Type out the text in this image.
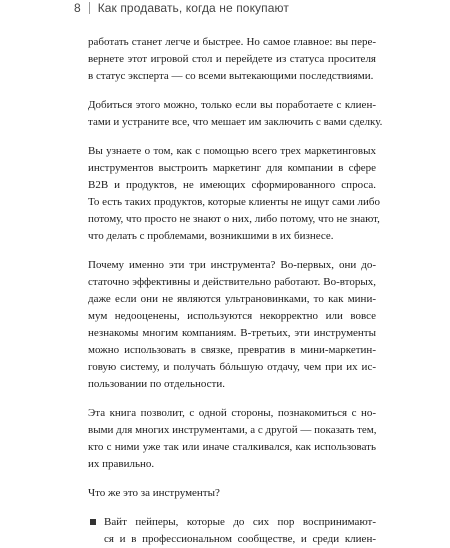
8 Как продавать, когда не покупают
работать станет легче и быстрее. Но самое главное: вы пере-
вернете этот игровой стол и перейдете из статуса просителя
в статус эксперта — со всеми вытекающими последствиями.
Добиться этого можно, только если вы поработаете с клиен-
тами и устраните все, что мешает им заключить с вами сделку.
Вы узнаете о том, как с помощью всего трех маркетинговых
инструментов выстроить маркетинг для компании в сфере
B2B и продуктов, не имеющих сформированного спроса.
То есть таких продуктов, которые клиенты не ищут сами либо
потому, что просто не знают о них, либо потому, что не знают,
что делать с проблемами, возникшими в их бизнесе.
Почему именно эти три инструмента? Во-первых, они до-
статочно эффективны и действительно работают. Во-вторых,
даже если они не являются ультрановинками, то как мини-
мум недооценены, используются некорректно или вовсе
незнакомы многим компаниям. В-третьих, эти инструменты
можно использовать в связке, превратив в мини-маркетин-
говую систему, и получать бóльшую отдачу, чем при их ис-
пользовании по отдельности.
Эта книга позволит, с одной стороны, познакомиться с но-
выми для многих инструментами, а с другой — показать тем,
кто с ними уже так или иначе сталкивался, как использовать
их правильно.
Что же это за инструменты?
Вайт пейперы, которые до сих пор воспринимают-
ся и в профессиональном сообществе, и среди клиен-
